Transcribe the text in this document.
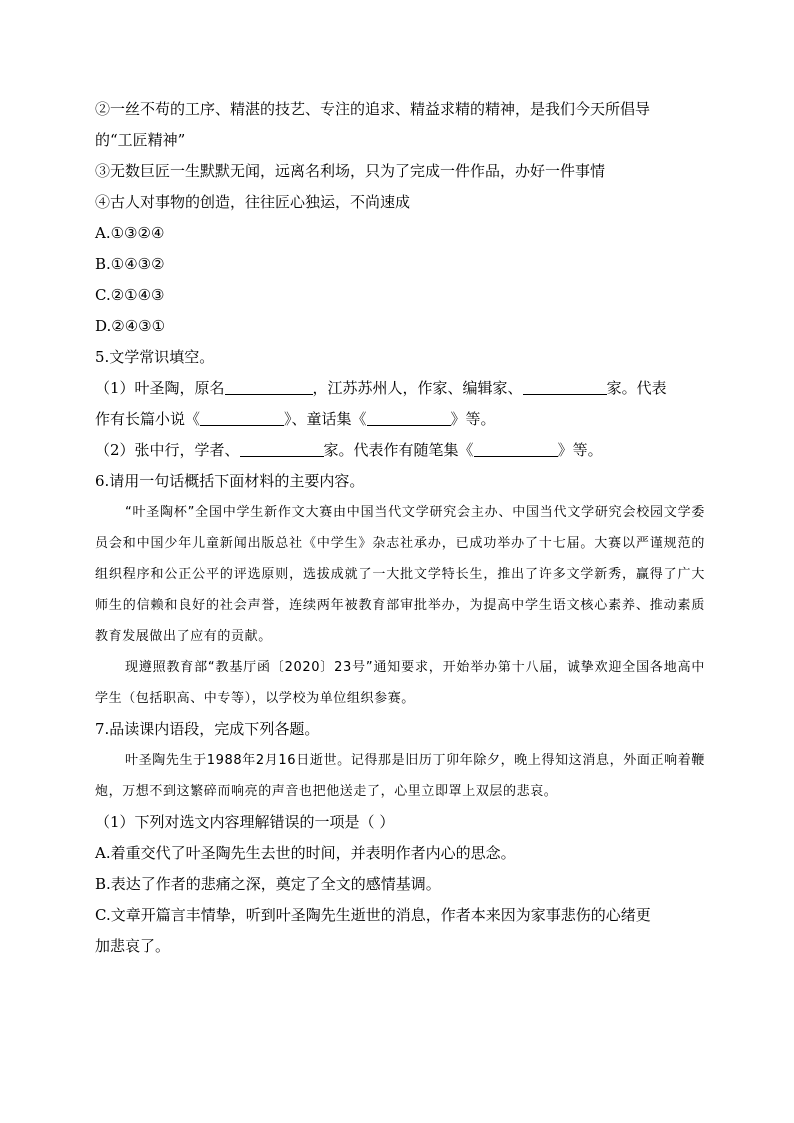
②一丝不苟的工序、精湛的技艺、专注的追求、精益求精的精神，是我们今天所倡导
的“工匠精神”
③无数巨匠一生默默无闻，远离名利场，只为了完成一件作品，办好一件事情
④古人对事物的创造，往往匠心独运，不尚速成
A.①③②④
B.①④③②
C.②①④③
D.②④③①
5.文学常识填空。
（1）叶圣陶，原名	，江苏苏州人，作家、编辑家、	家。代表
作有长篇小说《	》、童话集《	》等。
（2）张中行，学者、	家。代表作有随笔集《	》等。
6.请用一句话概括下面材料的主要内容。
“叶圣陶杯”全国中学生新作文大赛由中国当代文学研究会主办、中国当代文学研究会校园文学委员会和中国少年儿童新闻出版总社《中学生》杂志社承办，已成功举办了十七届。大赛以严谨规范的组织程序和公正公平的评选原则，选拔成就了一大批文学特长生，推出了许多文学新秀，赢得了广大师生的信赖和良好的社会声誉，连续两年被教育部审批举办，为提高中学生语文核心素养、推动素质教育发展做出了应有的贡献。
现遵照教育部“教基厅函〔2020〕23号”通知要求，开始举办第十八届，诚挚欢迎全国各地高中学生（包括职高、中专等），以学校为单位组织参赛。
7.品读课内语段，完成下列各题。
叶圣陶先生于1988年2月16日逝世。记得那是旧历丁卯年除夕，晚上得知这消息，外面正响着鞭炮，万想不到这繁碎而响亮的声音也把他送走了，心里立即罩上双层的悲哀。
（1）下列对选文内容理解错误的一项是（ ）
A.着重交代了叶圣陶先生去世的时间，并表明作者内心的思念。
B.表达了作者的悲痛之深，奠定了全文的感情基调。
C.文章开篇言丰情挚，听到叶圣陶先生逝世的消息，作者本来因为家事悲伤的心绪更
加悲哀了。
